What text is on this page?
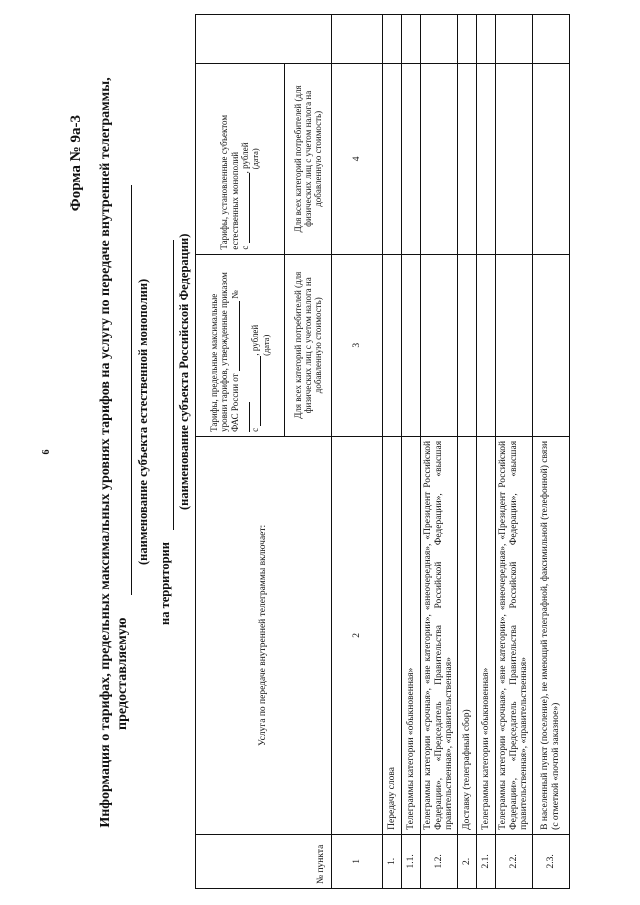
6
Форма № 9а-3 Информация о тарифах, предельных максимальных уровнях тарифов на услугу по передаче внутренней телеграммы, предоставляемую
(наименование субъекта естественной монополии)
на территории
(наименование субъекта Российской Федерации)
№ пункта	Услуга по передаче внутренней телеграммы включает:	Тарифы, предельные максимальные
уровни тарифов, утвержденные приказом
ФАС России от  №
с , рублей (дата)	Тарифы, установленные субъектом
естественных монополий
с , рублей (дата)	

		Для всех категорий потребителей (для физических лиц с учетом налога на добавленную стоимость)	Для всех категорий потребителей (для физических лиц с учетом налога на добавленную стоимость)	
1	2	3	4	
1.	Передачу слова			
1.1.	Телеграммы категории «обыкновенная»			
1.2.	Телеграммы категории «срочная», «вне категории», «внеочередная», «Президент Российской Федерации», «Председатель Правительства Российской Федерации», «высшая правительственная», «правительственная»			
2.	Доставку (телеграфный сбор)			
2.1.	Телеграммы категории «обыкновенная»			
2.2.	Телеграммы категории «срочная», «вне категории», «внеочередная», «Президент Российской Федерации», «Председатель Правительства Российской Федерации», «высшая правительственная», «правительственная»			
2.3.	В населенный пункт (поселение), не имеющий телеграфной, факсимильной (телефонной) связи (с отметкой «почтой заказное»)			
